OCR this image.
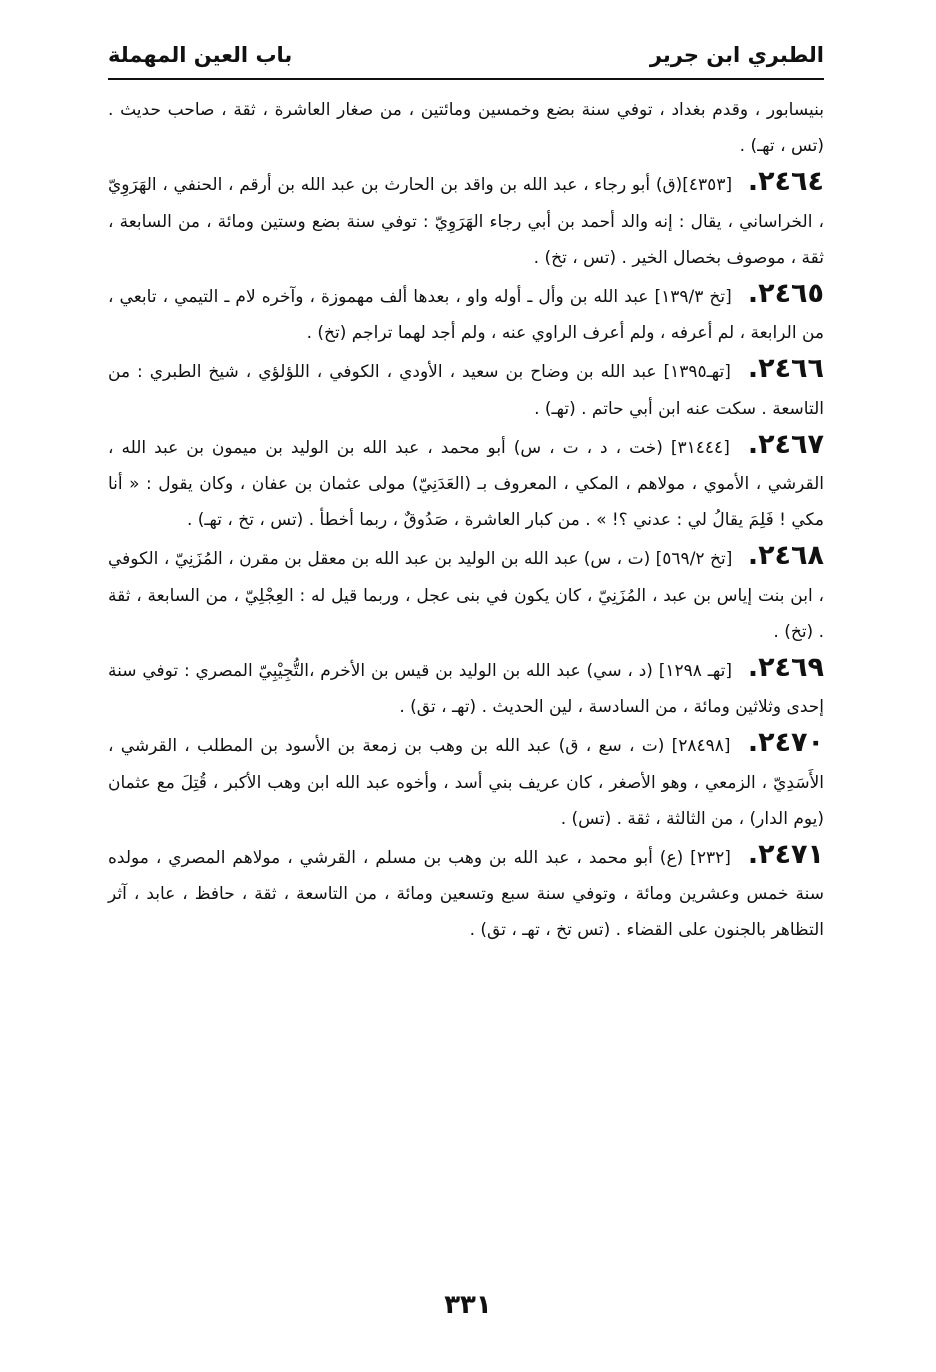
الطبري ابن جرير
باب العين المهملة

بنيسابور ، وقدم بغداد ، توفي سنة بضع وخمسين ومائتين ، من صغار العاشرة ، ثقة ، صاحب حديث . (تس ، تهـ) .

٢٤٦٤. [٤٣٥٣](ق) أبو رجاء ، عبد الله بن واقد بن الحارث بن عبد الله بن أرقم ، الحنفي ، الهَرَوِيّ ، الخراساني ، يقال : إنه والد أحمد بن أبي رجاء الهَرَوِيّ : توفي سنة بضع وستين ومائة ، من السابعة ، ثقة ، موصوف بخصال الخير . (تس ، تخ) .

٢٤٦٥. [تخ ١٣٩/٣] عبد الله بن وأل ـ أوله واو ، بعدها ألف مهموزة ، وآخره لام ـ التيمي ، تابعي ، من الرابعة ، لم أعرفه ، ولم أعرف الراوي عنه ، ولم أجد لهما تراجم (تخ) .

٢٤٦٦. [تهـ١٣٩٥] عبد الله بن وضاح بن سعيد ، الأودي ، الكوفي ، اللؤلؤي ، شيخ الطبري : من التاسعة . سكت عنه ابن أبي حاتم . (تهـ) .

٢٤٦٧. [٣١٤٤٤] (خت ، د ، ت ، س) أبو محمد ، عبد الله بن الوليد بن ميمون بن عبد الله ، القرشي ، الأموي ، مولاهم ، المكي ، المعروف بـ (العَدَنِيّ) مولى عثمان بن عفان ، وكان يقول : « أنا مكي ! فَلِمَ يقالُ لي : عدني ؟! » . من كبار العاشرة ، صَدُوقٌ ، ربما أخطأ . (تس ، تخ ، تهـ) .

٢٤٦٨. [تخ ٥٦٩/٢] (ت ، س) عبد الله بن الوليد بن عبد الله بن معقل بن مقرن ، المُزَنِيّ ، الكوفي ، ابن بنت إياس بن عبد ، المُزَنِيّ ، كان يكون في بنى عجل ، وربما قيل له : العِجْلِيّ ، من السابعة ، ثقة . (تخ) .

٢٤٦٩. [تهـ ١٢٩٨] (د ، سي) عبد الله بن الوليد بن قيس بن الأخرم ،التُّجِيْبِيّ المصري : توفي سنة إحدى وثلاثين ومائة ، من السادسة ، لين الحديث . (تهـ ، تق) .

٢٤٧٠. [٢٨٤٩٨] (ت ، سع ، ق) عبد الله بن وهب بن زمعة بن الأسود بن المطلب ، القرشي ، الأَسَدِيّ ، الزمعي ، وهو الأصغر ، كان عريف بني أسد ، وأخوه عبد الله ابن وهب الأكبر ، قُتِلَ مع عثمان (يوم الدار) ، من الثالثة ، ثقة . (تس) .

٢٤٧١. [٢٣٢] (ع) أبو محمد ، عبد الله بن وهب بن مسلم ، القرشي ، مولاهم المصري ، مولده سنة خمس وعشرين ومائة ، وتوفي سنة سبع وتسعين ومائة ، من التاسعة ، ثقة ، حافظ ، عابد ، آثر التظاهر بالجنون على القضاء . (تس تخ ، تهـ ، تق) .

٣٣١
